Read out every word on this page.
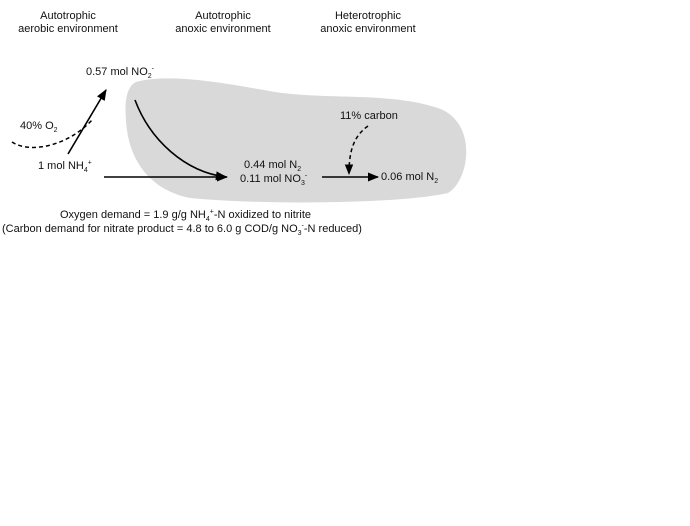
Autotrophic
aerobic environment
Autotrophic
anoxic environment
Heterotrophic
anoxic environment
0.57 mol $NO_2^-$
40% $O_2$
1 mol $NH_4^+$
11% carbon
0.44 mol $N_2$
0.11 mol $NO_3^-$	0.06 mol $N_2$
Oxygen demand = 1.9 g/g $NH_4^+-N$ oxidized to nitrite
(Carbon demand for nitrate product = 4.8 to 6.0 g COD/g $NO_3^--N$ reduced)
